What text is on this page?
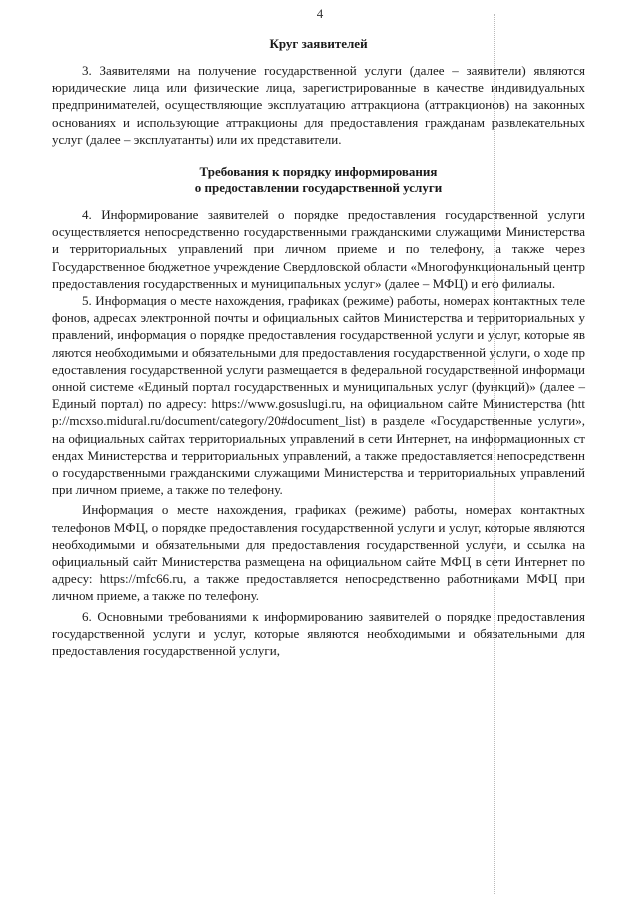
4
Круг заявителей

3. Заявителями на получение государственной услуги (далее – заявители) являются юридические лица или физические лица, зарегистрированные в качестве индивидуальных предпринимателей, осуществляющие эксплуатацию аттракциона (аттракционов) на законных основаниях и использующие аттракционы для предоставления гражданам развлекательных услуг (далее – эксплуатанты) или их представители.

Требования к порядку информирования
о предоставлении государственной услуги

4. Информирование заявителей о порядке предоставления государственной услуги осуществляется непосредственно государственными гражданскими служащими Министерства и территориальных управлений при личном приеме и по телефону, а также через Государственное бюджетное учреждение Свердловской области «Многофункциональный центр предоставления государственных и муниципальных услуг» (далее – МФЦ) и его филиалы.

5. Информация о месте нахождения, графиках (режиме) работы, номерах контактных телефонов, адресах электронной почты и официальных сайтов Министерства и территориальных управлений, информация о порядке предоставления государственной услуги и услуг, которые являются необходимыми и обязательными для предоставления государственной услуги, о ходе предоставления государственной услуги размещается в федеральной государственной информационной системе «Единый портал государственных и муниципальных услуг (функций)» (далее – Единый портал) по адресу: https://www.gosuslugi.ru, на официальном сайте Министерства (http://mcxso.midural.ru/document/category/20#document_list) в разделе «Государственные услуги», на официальных сайтах территориальных управлений в сети Интернет, на информационных стендах Министерства и территориальных управлений, а также предоставляется непосредственно государственными гражданскими служащими Министерства и территориальных управлений при личном приеме, а также по телефону.

Информация о месте нахождения, графиках (режиме) работы, номерах контактных телефонов МФЦ, о порядке предоставления государственной услуги и услуг, которые являются необходимыми и обязательными для предоставления государственной услуги, и ссылка на официальный сайт Министерства размещена на официальном сайте МФЦ в сети Интернет по адресу: https://mfc66.ru, а также предоставляется непосредственно работниками МФЦ при личном приеме, а также по телефону.

6. Основными требованиями к информированию заявителей о порядке предоставления государственной услуги и услуг, которые являются необходимыми и обязательными для предоставления государственной услуги,
